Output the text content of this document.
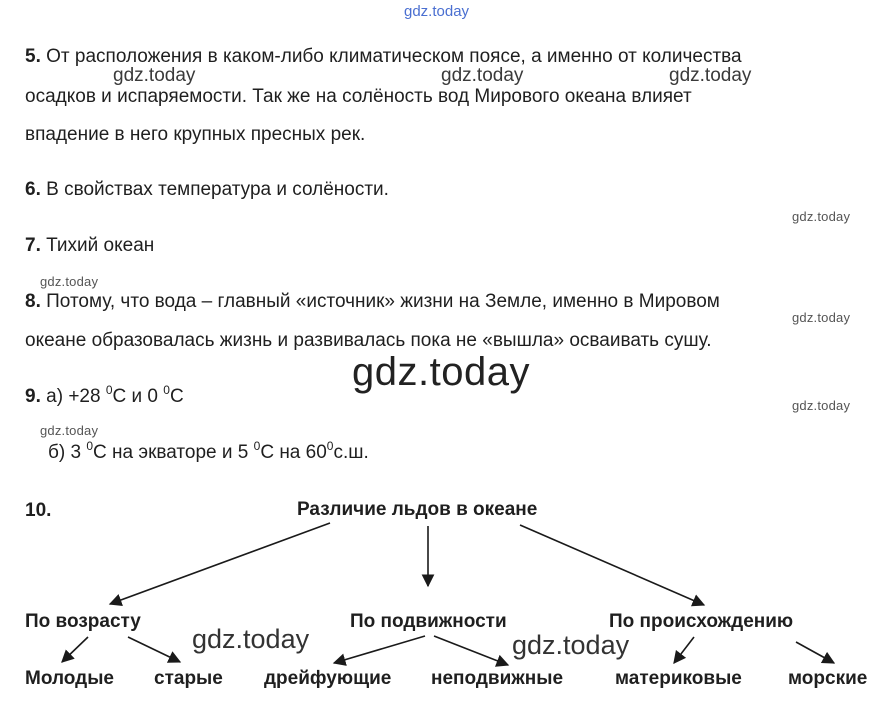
gdz.today
gdz.today	gdz.today	gdz.today
gdz.today
gdz.today
gdz.today
gdz.today
gdz.today
gdz.today
gdz.today	gdz.today
5. От расположения в каком-либо климатическом поясе, а именно от количества
осадков и испаряемости. Так же на солёность вод Мирового океана влияет
впадение в него крупных пресных рек.
6. В свойствах температура и солёности.
7. Тихий океан
8. Потому, что вода – главный «источник» жизни на Земле, именно в Мировом
океане образовалась жизнь и развивалась пока не «вышла» осваивать сушу.
9. а) +28 $^0$С и 0 $^0$С
б) 3 $^0$С на экваторе и 5 $^0$С на $60^0с.ш$.
10.	Различие льдов в океане
По возрасту	По подвижности	По происхождению
Молодые старые дрейфующие неподвижные	материковые морские
